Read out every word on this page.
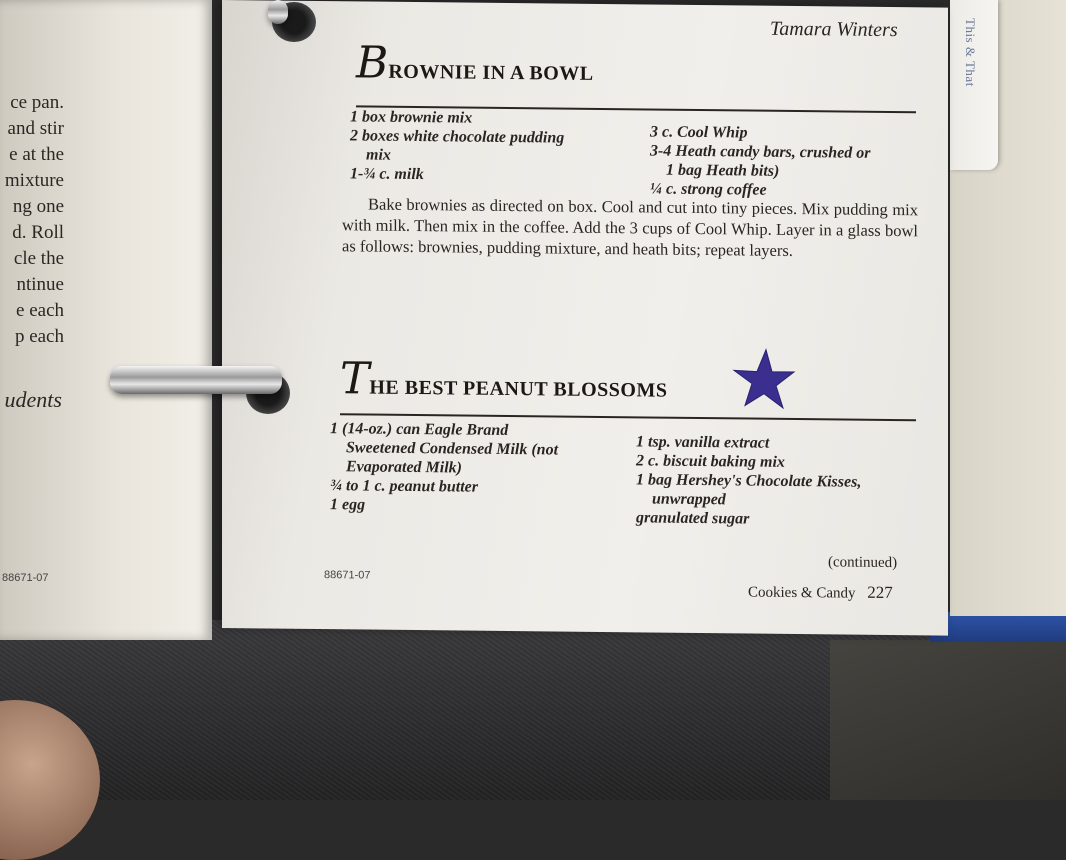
This & That
ce pan.
and stir
e at the
mixture
ng one
d. Roll
cle the
ntinue
e each
p each
udents
88671-07
Tamara Winters
BROWNIE IN A BOWL
1 box brownie mix
2 boxes white chocolate pudding
mix
1-¾ c. milk
3 c. Cool Whip
3-4 Heath candy bars, crushed or
1 bag Heath bits)
¼ c. strong coffee
Bake brownies as directed on box. Cool and cut into tiny pieces. Mix pudding mix with milk. Then mix in the coffee. Add the 3 cups of Cool Whip. Layer in a glass bowl as follows: brownies, pudding mixture, and heath bits; repeat layers.
THE BEST PEANUT BLOSSOMS
1 (14-oz.) can Eagle Brand
Sweetened Condensed Milk (not
Evaporated Milk)
¾ to 1 c. peanut butter
1 egg
1 tsp. vanilla extract
2 c. biscuit baking mix
1 bag Hershey's Chocolate Kisses,
unwrapped
granulated sugar
(continued)
88671-07
Cookies & Candy 227
